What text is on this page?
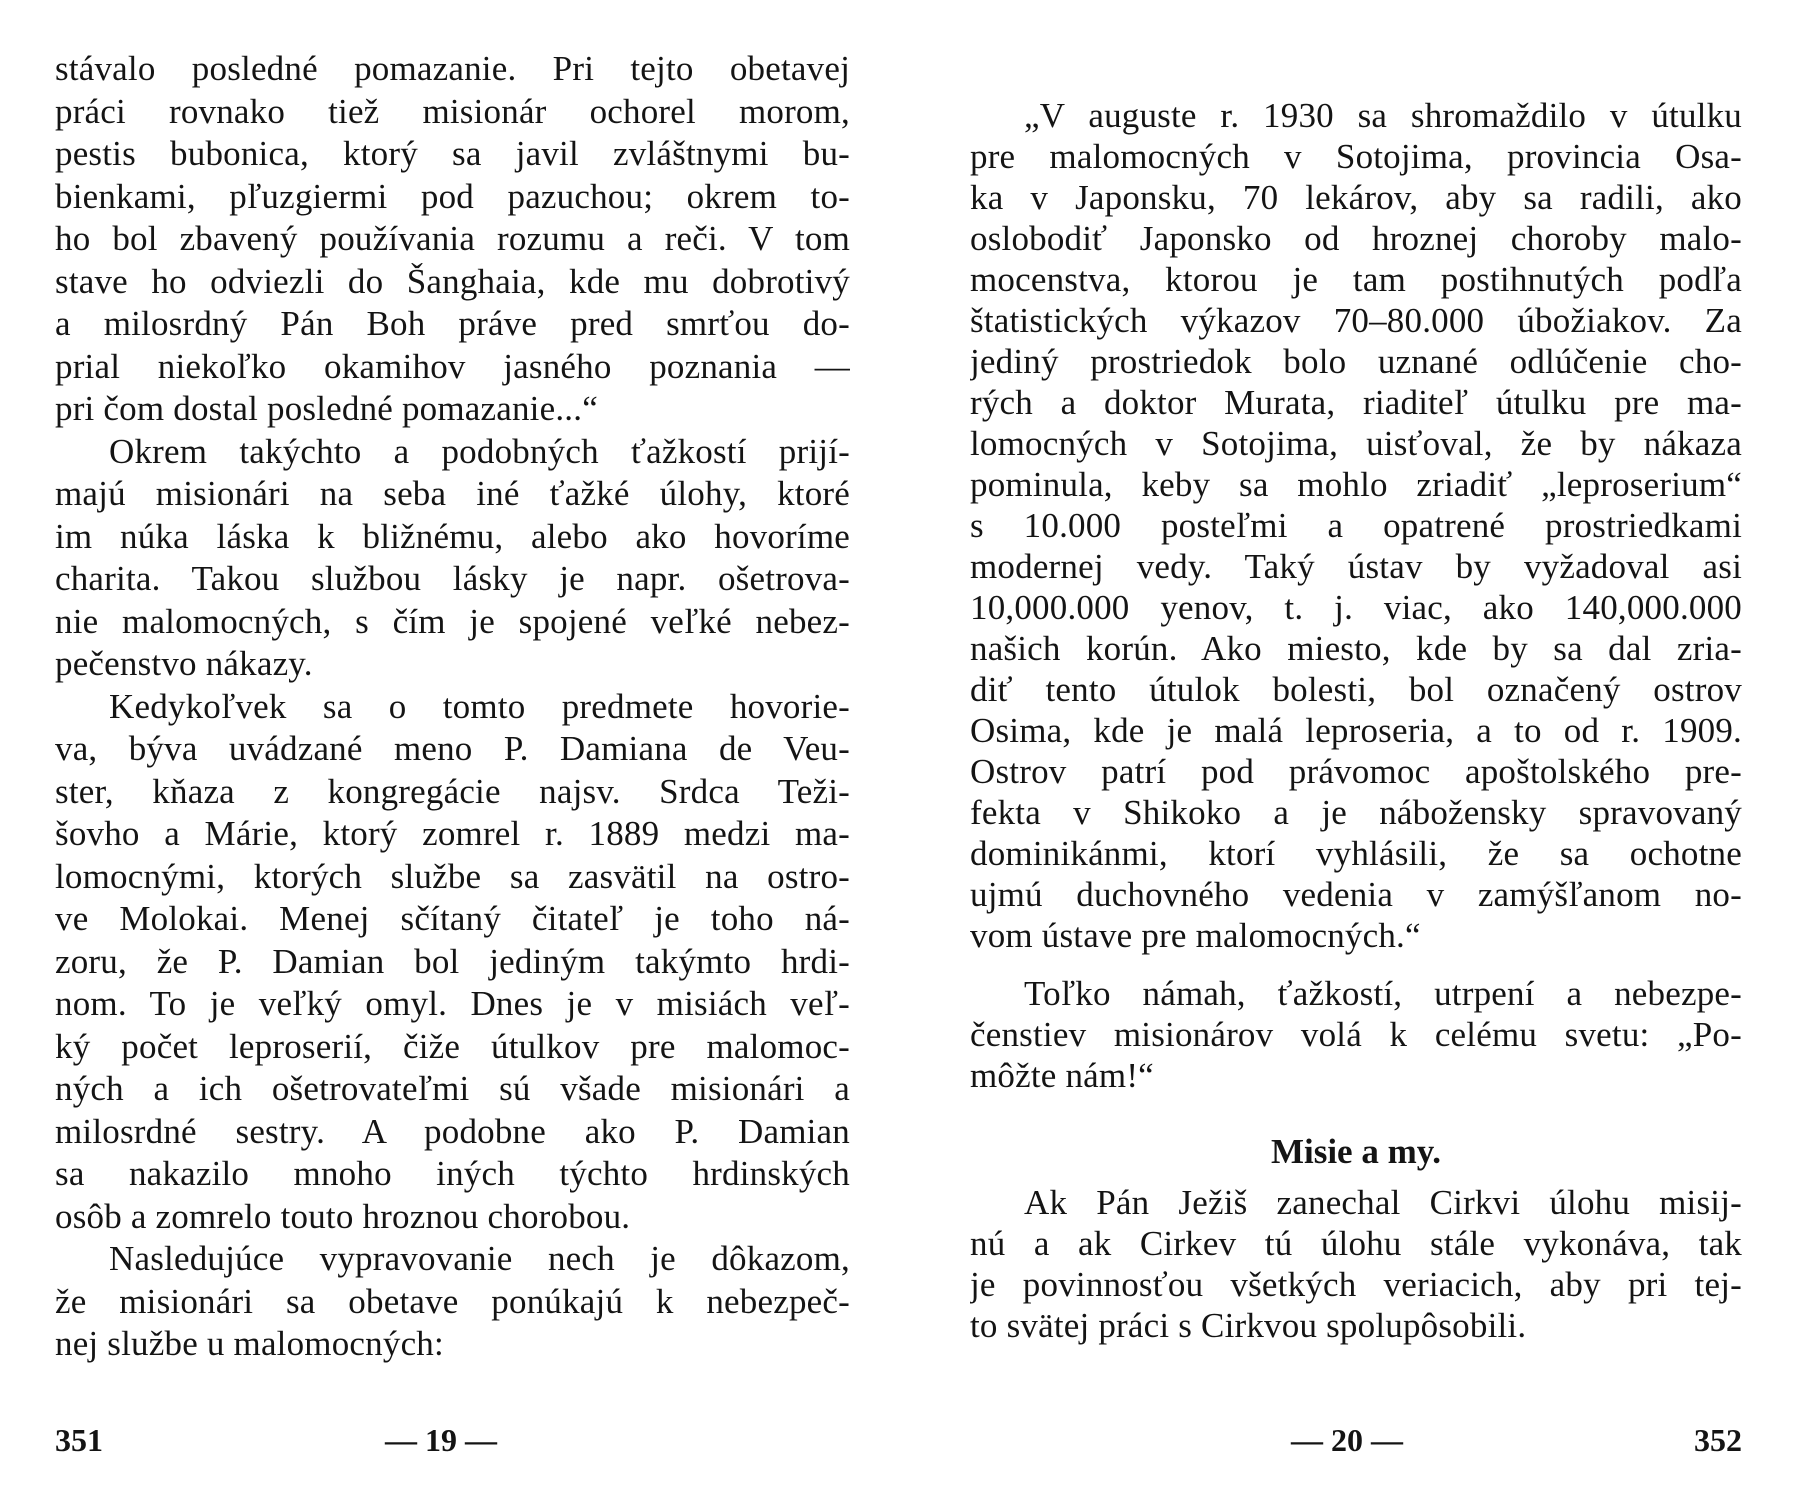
stávalo posledné pomazanie. Pri tejto obetavej
práci rovnako tiež misionár ochorel morom,
pestis bubonica, ktorý sa javil zvláštnymi bu-
bienkami, pľuzgiermi pod pazuchou; okrem to-
ho bol zbavený používania rozumu a reči. V tom
stave ho odviezli do Šanghaia, kde mu dobrotivý
a milosrdný Pán Boh práve pred smrťou do-
prial niekoľko okamihov jasného poznania —
pri čom dostal posledné pomazanie...“
Okrem takýchto a podobných ťažkostí prijí-
majú misionári na seba iné ťažké úlohy, ktoré
im núka láska k bližnému, alebo ako hovoríme
charita. Takou službou lásky je napr. ošetrova-
nie malomocných, s čím je spojené veľké nebez-
pečenstvo nákazy.
Kedykoľvek sa o tomto predmete hovorie-
va, býva uvádzané meno P. Damiana de Veu-
ster, kňaza z kongregácie najsv. Srdca Teži-
šovho a Márie, ktorý zomrel r. 1889 medzi ma-
lomocnými, ktorých službe sa zasvätil na ostro-
ve Molokai. Menej sčítaný čitateľ je toho ná-
zoru, že P. Damian bol jediným takýmto hrdi-
nom. To je veľký omyl. Dnes je v misiách veľ-
ký počet leproserií, čiže útulkov pre malomoc-
ných a ich ošetrovateľmi sú všade misionári a
milosrdné sestry. A podobne ako P. Damian
sa nakazilo mnoho iných týchto hrdinských
osôb a zomrelo touto hroznou chorobou.
Nasledujúce vypravovanie nech je dôkazom,
že misionári sa obetave ponúkajú k nebezpeč-
nej službe u malomocných:
351	— 19 —
„V auguste r. 1930 sa shromaždilo v útulku
pre malomocných v Sotojima, provincia Osa-
ka v Japonsku, 70 lekárov, aby sa radili, ako
oslobodiť Japonsko od hroznej choroby malo-
mocenstva, ktorou je tam postihnutých podľa
štatistických výkazov 70–80.000 úbožiakov. Za
jediný prostriedok bolo uznané odlúčenie cho-
rých a doktor Murata, riaditeľ útulku pre ma-
lomocných v Sotojima, uisťoval, že by nákaza
pominula, keby sa mohlo zriadiť „leproserium“
s 10.000 posteľmi a opatrené prostriedkami
modernej vedy. Taký ústav by vyžadoval asi
10,000.000 yenov, t. j. viac, ako 140,000.000
našich korún. Ako miesto, kde by sa dal zria-
diť tento útulok bolesti, bol označený ostrov
Osima, kde je malá leproseria, a to od r. 1909.
Ostrov patrí pod právomoc apoštolského pre-
fekta v Shikoko a je nábožensky spravovaný
dominikánmi, ktorí vyhlásili, že sa ochotne
ujmú duchovného vedenia v zamýšľanom no-
vom ústave pre malomocných.“
Toľko námah, ťažkostí, utrpení a nebezpe-
čenstiev misionárov volá k celému svetu: „Po-
môžte nám!“
Misie a my.
Ak Pán Ježiš zanechal Cirkvi úlohu misij-
nú a ak Cirkev tú úlohu stále vykonáva, tak
je povinnosťou všetkých veriacich, aby pri tej-
to svätej práci s Cirkvou spolupôsobili.
— 20 —	352
